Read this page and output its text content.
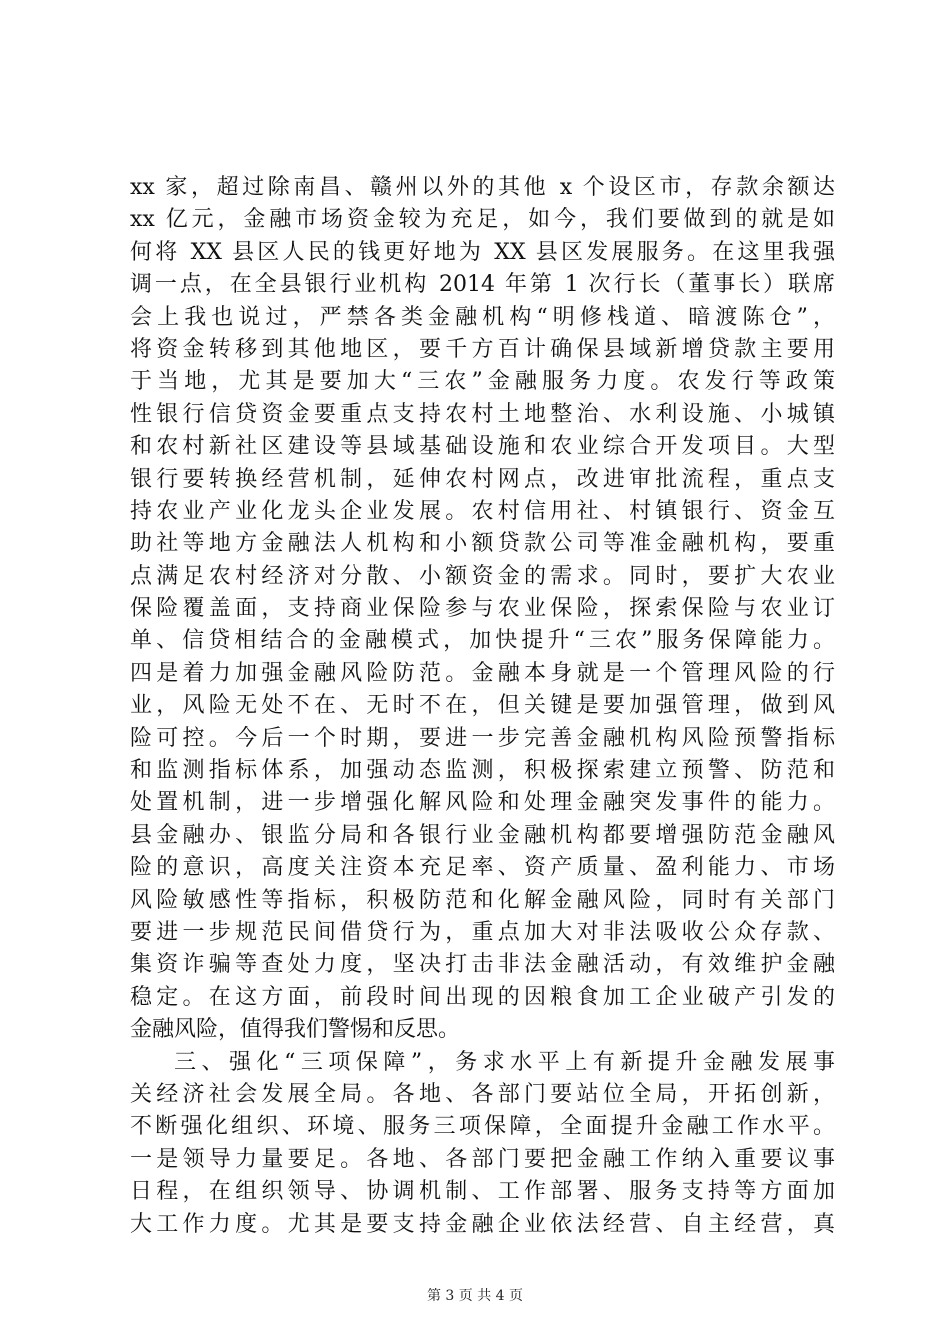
xx 家，超过除南昌、赣州以外的其他 x 个设区市，存款余额达
xx 亿元，金融市场资金较为充足，如今，我们要做到的就是如
何将 XX 县区人民的钱更好地为 XX 县区发展服务。在这里我强
调一点，在全县银行业机构 2014 年第 1 次行长（董事长）联席
会上我也说过，严禁各类金融机构“明修栈道、暗渡陈仓”，
将资金转移到其他地区，要千方百计确保县域新增贷款主要用
于当地，尤其是要加大“三农”金融服务力度。农发行等政策
性银行信贷资金要重点支持农村土地整治、水利设施、小城镇
和农村新社区建设等县域基础设施和农业综合开发项目。大型
银行要转换经营机制，延伸农村网点，改进审批流程，重点支
持农业产业化龙头企业发展。农村信用社、村镇银行、资金互
助社等地方金融法人机构和小额贷款公司等准金融机构，要重
点满足农村经济对分散、小额资金的需求。同时，要扩大农业
保险覆盖面，支持商业保险参与农业保险，探索保险与农业订
单、信贷相结合的金融模式，加快提升“三农”服务保障能力。
四是着力加强金融风险防范。金融本身就是一个管理风险的行
业，风险无处不在、无时不在，但关键是要加强管理，做到风
险可控。今后一个时期，要进一步完善金融机构风险预警指标
和监测指标体系，加强动态监测，积极探索建立预警、防范和
处置机制，进一步增强化解风险和处理金融突发事件的能力。
县金融办、银监分局和各银行业金融机构都要增强防范金融风
险的意识，高度关注资本充足率、资产质量、盈利能力、市场
风险敏感性等指标，积极防范和化解金融风险，同时有关部门
要进一步规范民间借贷行为，重点加大对非法吸收公众存款、
集资诈骗等查处力度，坚决打击非法金融活动，有效维护金融
稳定。在这方面，前段时间出现的因粮食加工企业破产引发的
金融风险，值得我们警惕和反思。
三、强化“三项保障”，务求水平上有新提升金融发展事
关经济社会发展全局。各地、各部门要站位全局，开拓创新，
不断强化组织、环境、服务三项保障，全面提升金融工作水平。
一是领导力量要足。各地、各部门要把金融工作纳入重要议事
日程，在组织领导、协调机制、工作部署、服务支持等方面加
大工作力度。尤其是要支持金融企业依法经营、自主经营，真
第 3 页 共 4 页
